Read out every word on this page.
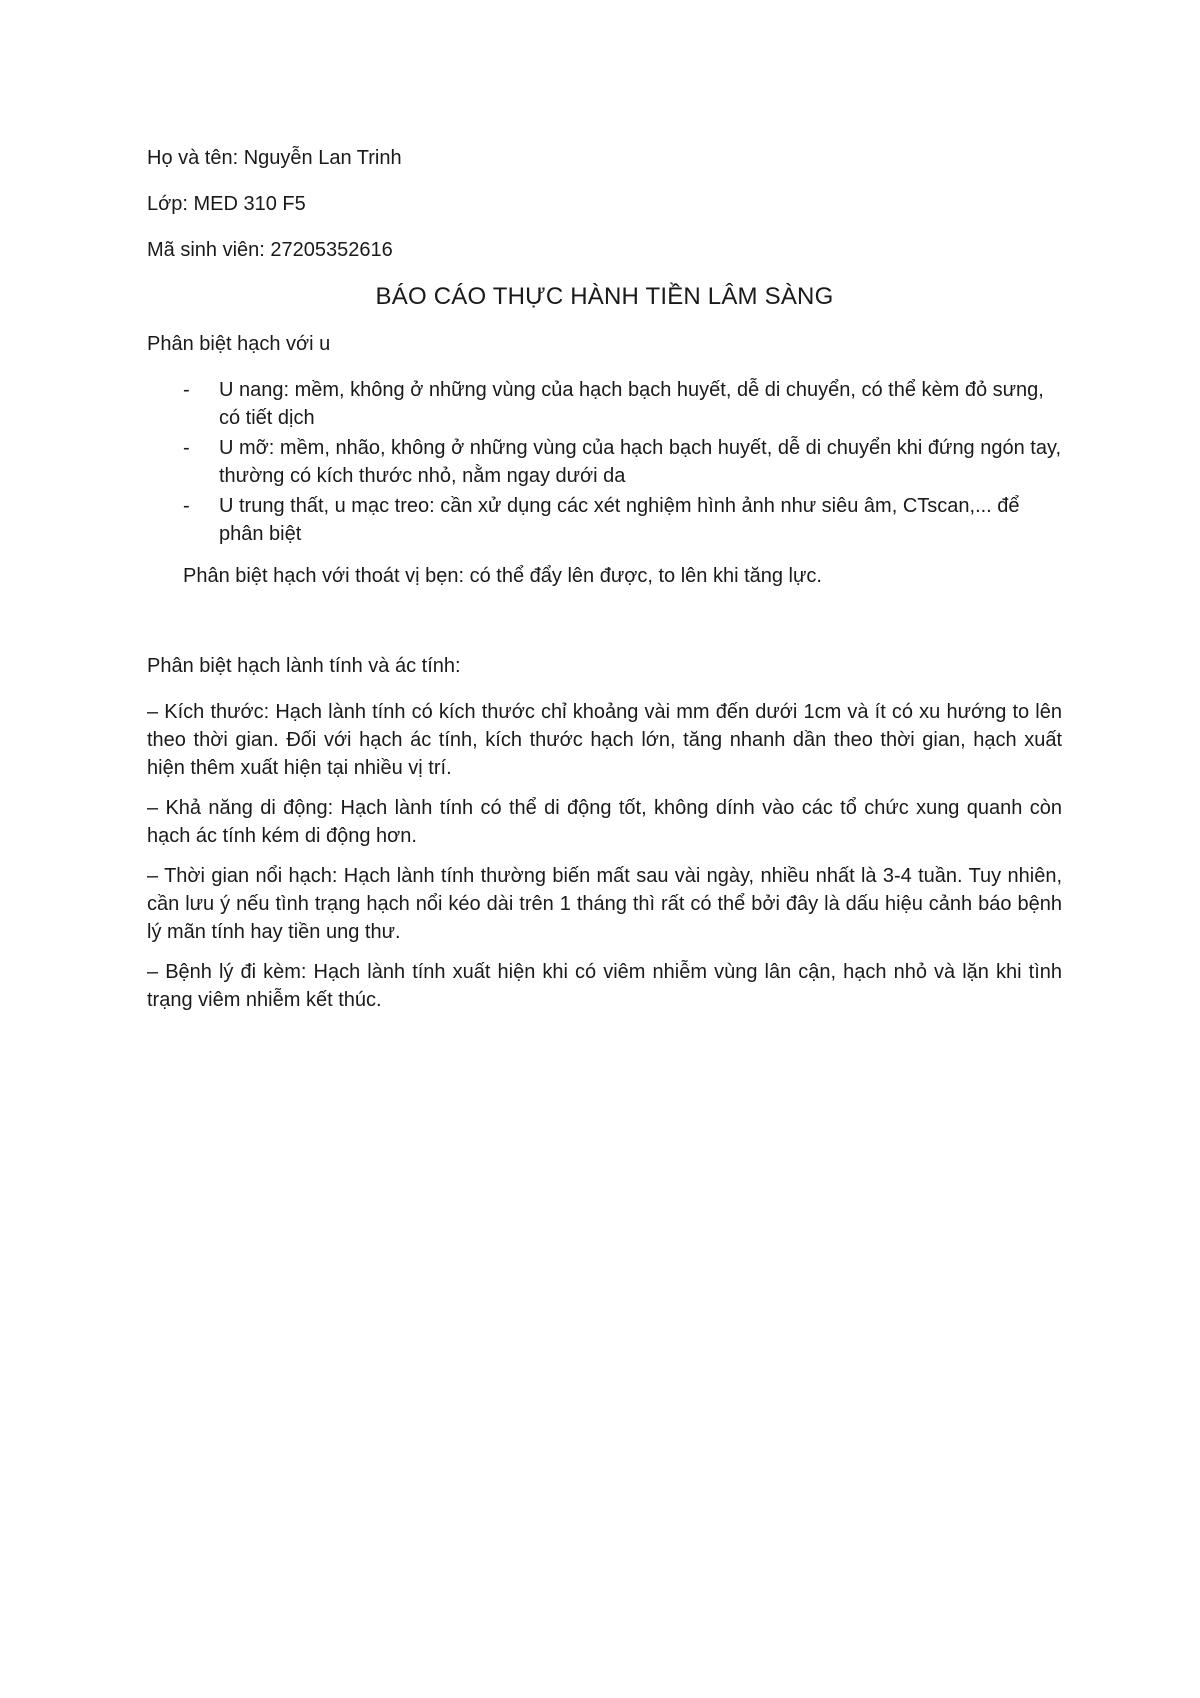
Họ và tên: Nguyễn Lan Trinh
Lớp: MED 310 F5
Mã sinh viên: 27205352616
BÁO CÁO THỰC HÀNH TIỀN LÂM SÀNG
Phân biệt hạch với u
- U nang: mềm, không ở những vùng của hạch bạch huyết, dễ di chuyển, có thể kèm đỏ sưng, có tiết dịch
- U mỡ: mềm, nhão, không ở những vùng của hạch bạch huyết, dễ di chuyển khi đứng ngón tay, thường có kích thước nhỏ, nằm ngay dưới da
- U trung thất, u mạc treo: cần xử dụng các xét nghiệm hình ảnh như siêu âm, CTscan,... để phân biệt
Phân biệt hạch với thoát vị bẹn: có thể đẩy lên được, to lên khi tăng lực.
Phân biệt hạch lành tính và ác tính:
– Kích thước: Hạch lành tính có kích thước chỉ khoảng vài mm đến dưới 1cm và ít có xu hướng to lên theo thời gian. Đối với hạch ác tính, kích thước hạch lớn, tăng nhanh dần theo thời gian, hạch xuất hiện thêm xuất hiện tại nhiều vị trí.
– Khả năng di động: Hạch lành tính có thể di động tốt, không dính vào các tổ chức xung quanh còn hạch ác tính kém di động hơn.
– Thời gian nổi hạch: Hạch lành tính thường biến mất sau vài ngày, nhiều nhất là 3-4 tuần. Tuy nhiên, cần lưu ý nếu tình trạng hạch nổi kéo dài trên 1 tháng thì rất có thể bởi đây là dấu hiệu cảnh báo bệnh lý mãn tính hay tiền ung thư.
– Bệnh lý đi kèm: Hạch lành tính xuất hiện khi có viêm nhiễm vùng lân cận, hạch nhỏ và lặn khi tình trạng viêm nhiễm kết thúc.
